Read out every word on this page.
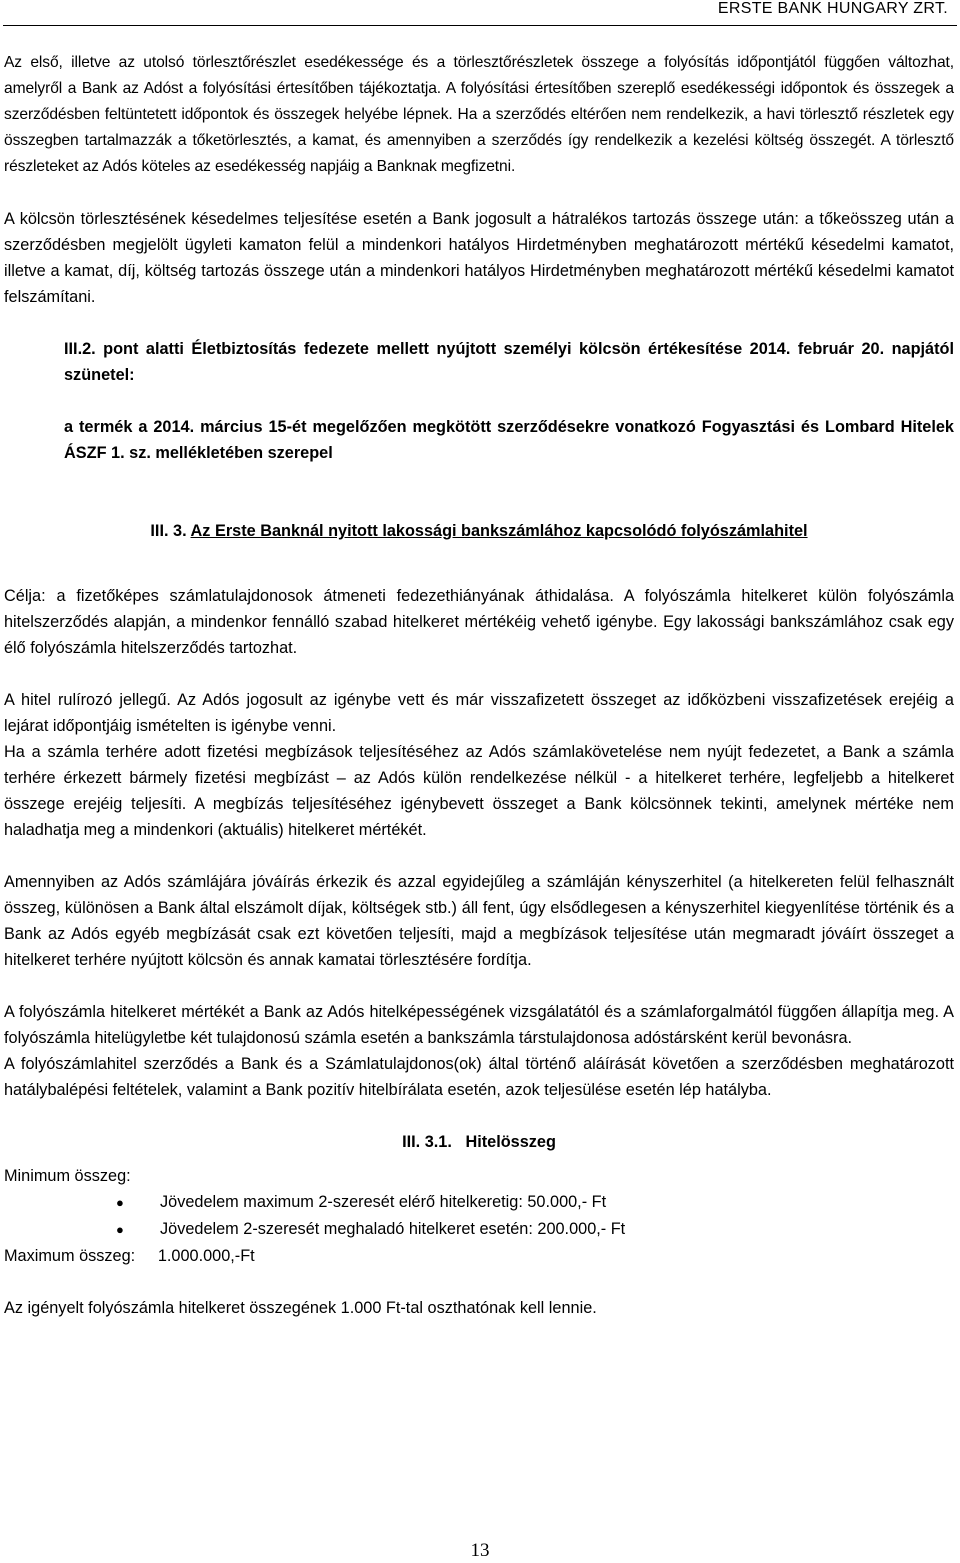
ERSTE BANK HUNGARY ZRT.

Az első, illetve az utolsó törlesztőrészlet esedékessége és a törlesztőrészletek összege a folyósítás időpontjától függően változhat, amelyről a Bank az Adóst a folyósítási értesítőben tájékoztatja. A folyósítási értesítőben szereplő esedékességi időpontok és összegek a szerződésben feltüntetett időpontok és összegek helyébe lépnek. Ha a szerződés eltérően nem rendelkezik, a havi törlesztő részletek egy összegben tartalmazzák a tőketörlesztés, a kamat, és amennyiben a szerződés így rendelkezik a kezelési költség összegét. A törlesztő részleteket az Adós köteles az esedékesség napjáig a Banknak megfizetni.

A kölcsön törlesztésének késedelmes teljesítése esetén a Bank jogosult a hátralékos tartozás összege után: a tőkeösszeg után a szerződésben megjelölt ügyleti kamaton felül a mindenkori hatályos Hirdetményben meghatározott mértékű késedelmi kamatot, illetve a kamat, díj, költség tartozás összege után a mindenkori hatályos Hirdetményben meghatározott mértékű késedelmi kamatot felszámítani.

III.2. pont alatti Életbiztosítás fedezete mellett nyújtott személyi kölcsön értékesítése 2014. február 20. napjától szünetel:

a termék a 2014. március 15-ét megelőzően megkötött szerződésekre vonatkozó Fogyasztási és Lombard Hitelek ÁSZF 1. sz. mellékletében szerepel

III. 3. Az Erste Banknál nyitott lakossági bankszámlához kapcsolódó folyószámlahitel

Célja: a fizetőképes számlatulajdonosok átmeneti fedezethiányának áthidalása. A folyószámla hitelkeret külön folyószámla hitelszerződés alapján, a mindenkor fennálló szabad hitelkeret mértékéig vehető igénybe. Egy lakossági bankszámlához csak egy élő folyószámla hitelszerződés tartozhat.

A hitel rulírozó jellegű. Az Adós jogosult az igénybe vett és már visszafizetett összeget az időközbeni visszafizetések erejéig a lejárat időpontjáig ismételten is igénybe venni.

Ha a számla terhére adott fizetési megbízások teljesítéséhez az Adós számlakövetelése nem nyújt fedezetet, a Bank a számla terhére érkezett bármely fizetési megbízást – az Adós külön rendelkezése nélkül - a hitelkeret terhére, legfeljebb a hitelkeret összege erejéig teljesíti. A megbízás teljesítéséhez igénybevett összeget a Bank kölcsönnek tekinti, amelynek mértéke nem haladhatja meg a mindenkori (aktuális) hitelkeret mértékét.

Amennyiben az Adós számlájára jóváírás érkezik és azzal egyidejűleg a számláján kényszerhitel (a hitelkereten felül felhasznált összeg, különösen a Bank által elszámolt díjak, költségek stb.) áll fent, úgy elsődlegesen a kényszerhitel kiegyenlítése történik és a Bank az Adós egyéb megbízását csak ezt követően teljesíti, majd a megbízások teljesítése után megmaradt jóváírt összeget a hitelkeret terhére nyújtott kölcsön és annak kamatai törlesztésére fordítja.

A folyószámla hitelkeret mértékét a Bank az Adós hitelképességének vizsgálatától és a számlaforgalmától függően állapítja meg. A folyószámla hitelügyletbe két tulajdonosú számla esetén a bankszámla társtulajdonosa adóstársként kerül bevonásra.

A folyószámlahitel szerződés a Bank és a Számlatulajdonos(ok) által történő aláírását követően a szerződésben meghatározott hatálybalépési feltételek, valamint a Bank pozitív hitelbírálata esetén, azok teljesülése esetén lép hatályba.

III. 3.1. Hitelösszeg

Minimum összeg:

● Jövedelem maximum 2-szeresét elérő hitelkeretig: 50.000,- Ft
● Jövedelem 2-szeresét meghaladó hitelkeret esetén: 200.000,- Ft

Maximum összeg: 1.000.000,-Ft

Az igényelt folyószámla hitelkeret összegének 1.000 Ft-tal oszthatónak kell lennie.

13
